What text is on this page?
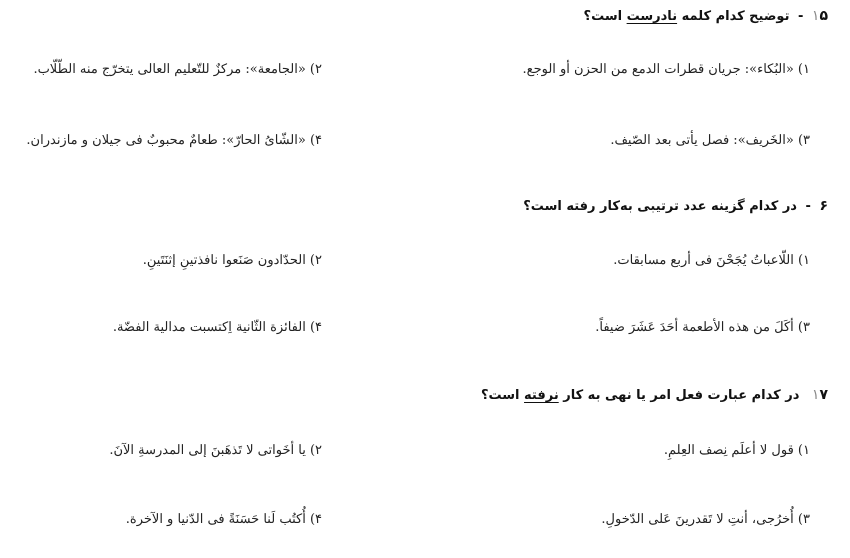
۱۵ - توضیح کدام کلمه نادرست است؟
۱) «البُكاء»: جريان قطرات الدمع من الحزن أو الوجع.
۲) «الجامعة»: مركزٌ للتّعليم العالی يتخرّج منه الطّلّاب.
۳) «الخَريف»: فصل يأتی بعد الصّيف.
۴) «الشّایُ الحارّ»: طعامٌ محبوبٌ فی جيلان و مازندران.
۶ - در کدام گزینه عدد ترتیبی به‌کار رفته است؟
۱) اللّاعباتُ يُجَحْنَ فی أربع مسابقات.
۲) الحدّادون صَنَعوا نافذتينِ إثنَتَينِ.
۳) أكَلَ من هذه الأطعمة أحَدَ عَشَرَ ضيفاً.
۴) الفائزة الثّانية اِكتسبت مدالية الفضّة.
۱۷ در کدام عبارت فعل امر یا نهی به کار نرفته است؟
۱) قول لا أعلَم نِصف العِلمِ.
۲) يا أخَواتی لا تَذهَبنَ إلی المدرسةِ الآنَ.
۳) أُخرُجی، أنتِ لا تَقدرينَ عَلی الدّخولِ.
۴) أُكتُب لَنا حَسَنَةً فی الدّنيا و الآخرة.
